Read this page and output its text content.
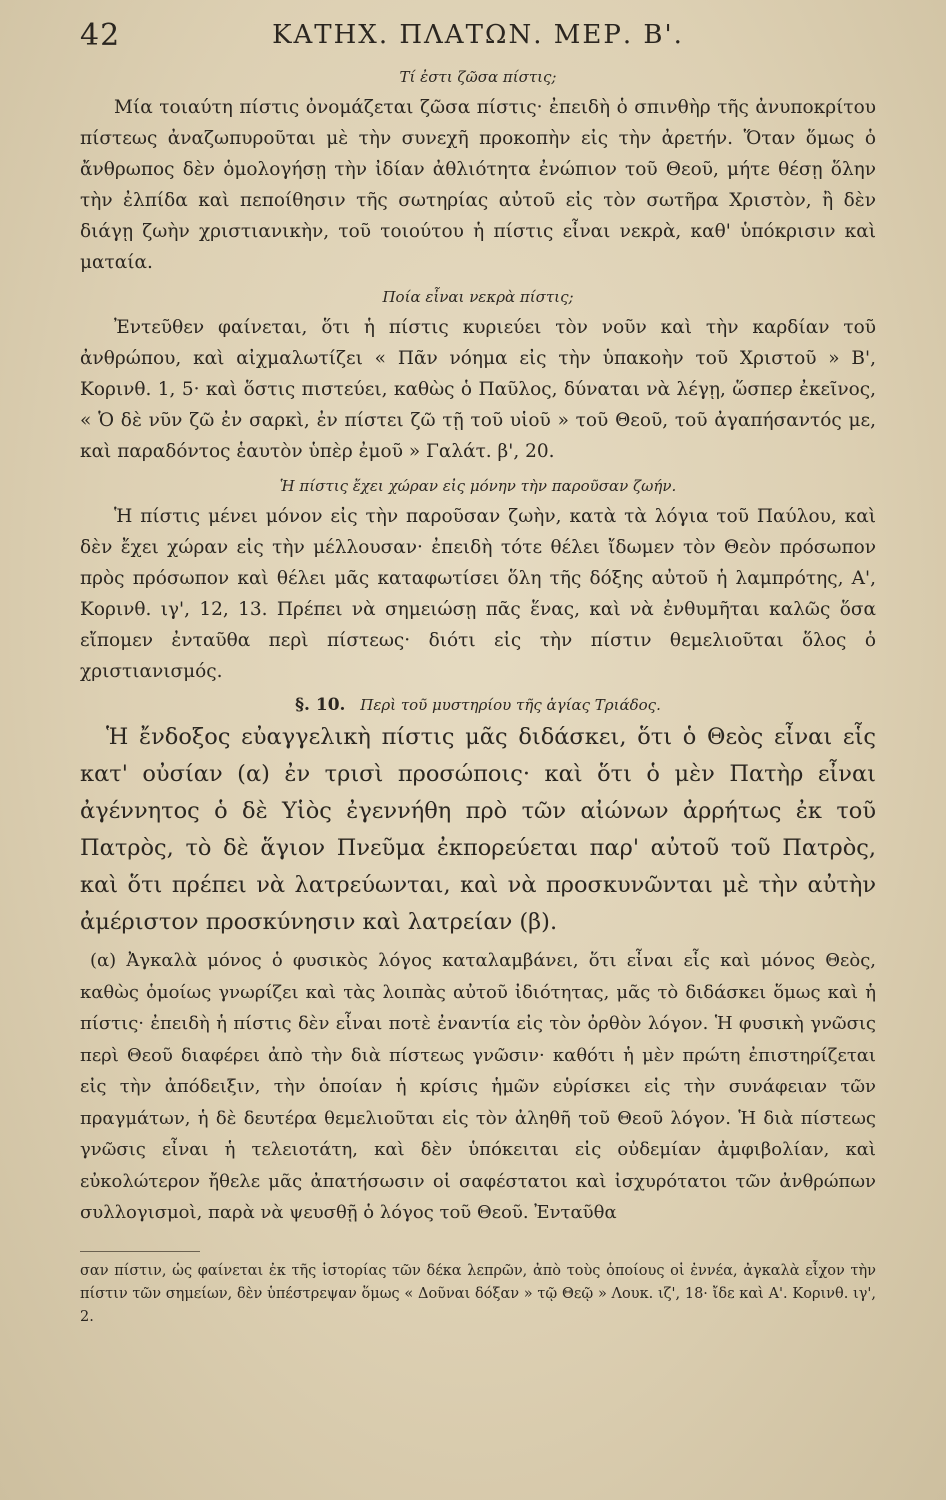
42	ΚΑΤΗΧ. ΠΛΑΤΩΝ. ΜΕΡ. Β'.
Τί ἐστι ζῶσα πίστις;

Μία τοιαύτη πίστις ὀνομάζεται ζῶσα πίστις· ἐπειδὴ ὁ σπινθὴρ τῆς ἀνυποκρίτου πίστεως ἀναζωπυροῦται μὲ τὴν συνεχῆ προκοπὴν εἰς τὴν ἀρετήν. Ὅταν ὅμως ὁ ἄνθρωπος δὲν ὁμολογήσῃ τὴν ἰδίαν ἀθλιότητα ἐνώπιον τοῦ Θεοῦ, μήτε θέσῃ ὅλην τὴν ἐλπίδα καὶ πεποίθησιν τῆς σωτηρίας αὐτοῦ εἰς τὸν σωτῆρα Χριστὸν, ἢ δὲν διάγῃ ζωὴν χριστιανικὴν, τοῦ τοιούτου ἡ πίστις εἶναι νεκρὰ, καθ' ὑπόκρισιν καὶ ματαία.

Ποία εἶναι νεκρὰ πίστις;

Ἐντεῦθεν φαίνεται, ὅτι ἡ πίστις κυριεύει τὸν νοῦν καὶ τὴν καρδίαν τοῦ ἀνθρώπου, καὶ αἰχμαλωτίζει « Πᾶν νόημα εἰς τὴν ὑπακοὴν τοῦ Χριστοῦ » Β', Κορινθ. 1, 5· καὶ ὅστις πιστεύει, καθὼς ὁ Παῦλος, δύναται νὰ λέγῃ, ὥσπερ ἐκεῖνος, « Ὁ δὲ νῦν ζῶ ἐν σαρκὶ, ἐν πίστει ζῶ τῇ τοῦ υἱοῦ » τοῦ Θεοῦ, τοῦ ἀγαπήσαντός με, καὶ παραδόντος ἑαυτὸν ὑπὲρ ἐμοῦ » Γαλάτ. β', 20.

Ἡ πίστις ἔχει χώραν εἰς μόνην τὴν παροῦσαν ζωήν.

Ἡ πίστις μένει μόνον εἰς τὴν παροῦσαν ζωὴν, κατὰ τὰ λόγια τοῦ Παύλου, καὶ δὲν ἔχει χώραν εἰς τὴν μέλλουσαν· ἐπειδὴ τότε θέλει ἴδωμεν τὸν Θεὸν πρόσωπον πρὸς πρόσωπον καὶ θέλει μᾶς καταφωτίσει ὅλη τῆς δόξης αὐτοῦ ἡ λαμπρότης, Α', Κορινθ. ιγ', 12, 13. Πρέπει νὰ σημειώσῃ πᾶς ἕνας, καὶ νὰ ἐνθυμῆται καλῶς ὅσα εἴπομεν ἐνταῦθα περὶ πίστεως· διότι εἰς τὴν πίστιν θεμελιοῦται ὅλος ὁ χριστιανισμός.

§. 10. Περὶ τοῦ μυστηρίου τῆς ἁγίας Τριάδος.

Ἡ ἔνδοξος εὐαγγελικὴ πίστις μᾶς διδάσκει, ὅτι ὁ Θεὸς εἶναι εἷς κατ' οὐσίαν (α) ἐν τρισὶ προσώποις· καὶ ὅτι ὁ μὲν Πατὴρ εἶναι ἀγέννητος ὁ δὲ Υἱὸς ἐγεννήθη πρὸ τῶν αἰώνων ἀρρήτως ἐκ τοῦ Πατρὸς, τὸ δὲ ἅγιον Πνεῦμα ἐκπορεύεται παρ' αὐτοῦ τοῦ Πατρὸς, καὶ ὅτι πρέπει νὰ λατρεύωνται, καὶ νὰ προσκυνῶνται μὲ τὴν αὐτὴν ἀμέριστον προσκύνησιν καὶ λατρείαν (β).

(α) Ἀγκαλὰ μόνος ὁ φυσικὸς λόγος καταλαμβάνει, ὅτι εἶναι εἷς καὶ μόνος Θεὸς, καθὼς ὁμοίως γνωρίζει καὶ τὰς λοιπὰς αὐτοῦ ἰδιότητας, μᾶς τὸ διδάσκει ὅμως καὶ ἡ πίστις· ἐπειδὴ ἡ πίστις δὲν εἶναι ποτὲ ἐναντία εἰς τὸν ὀρθὸν λόγον. Ἡ φυσικὴ γνῶσις περὶ Θεοῦ διαφέρει ἀπὸ τὴν διὰ πίστεως γνῶσιν· καθότι ἡ μὲν πρώτη ἐπιστηρίζεται εἰς τὴν ἀπόδειξιν, τὴν ὁποίαν ἡ κρίσις ἡμῶν εὑρίσκει εἰς τὴν συνάφειαν τῶν πραγμάτων, ἡ δὲ δευτέρα θεμελιοῦται εἰς τὸν ἀληθῆ τοῦ Θεοῦ λόγον. Ἡ διὰ πίστεως γνῶσις εἶναι ἡ τελειοτάτη, καὶ δὲν ὑπόκειται εἰς οὐδεμίαν ἀμφιβολίαν, καὶ εὐκολώτερον ἤθελε μᾶς ἀπατήσωσιν οἱ σαφέστατοι καὶ ἰσχυρότατοι τῶν ἀνθρώπων συλλογισμοὶ, παρὰ νὰ ψευσθῇ ὁ λόγος τοῦ Θεοῦ. Ἐνταῦθα

σαν πίστιν, ὡς φαίνεται ἐκ τῆς ἱστορίας τῶν δέκα λεπρῶν, ἀπὸ τοὺς ὁποίους οἱ ἐννέα, ἀγκαλὰ εἶχον τὴν πίστιν τῶν σημείων, δὲν ὑπέστρεψαν ὅμως « Δοῦναι δόξαν » τῷ Θεῷ » Λουκ. ιζ', 18· ἴδε καὶ Α'. Κορινθ. ιγ', 2.
